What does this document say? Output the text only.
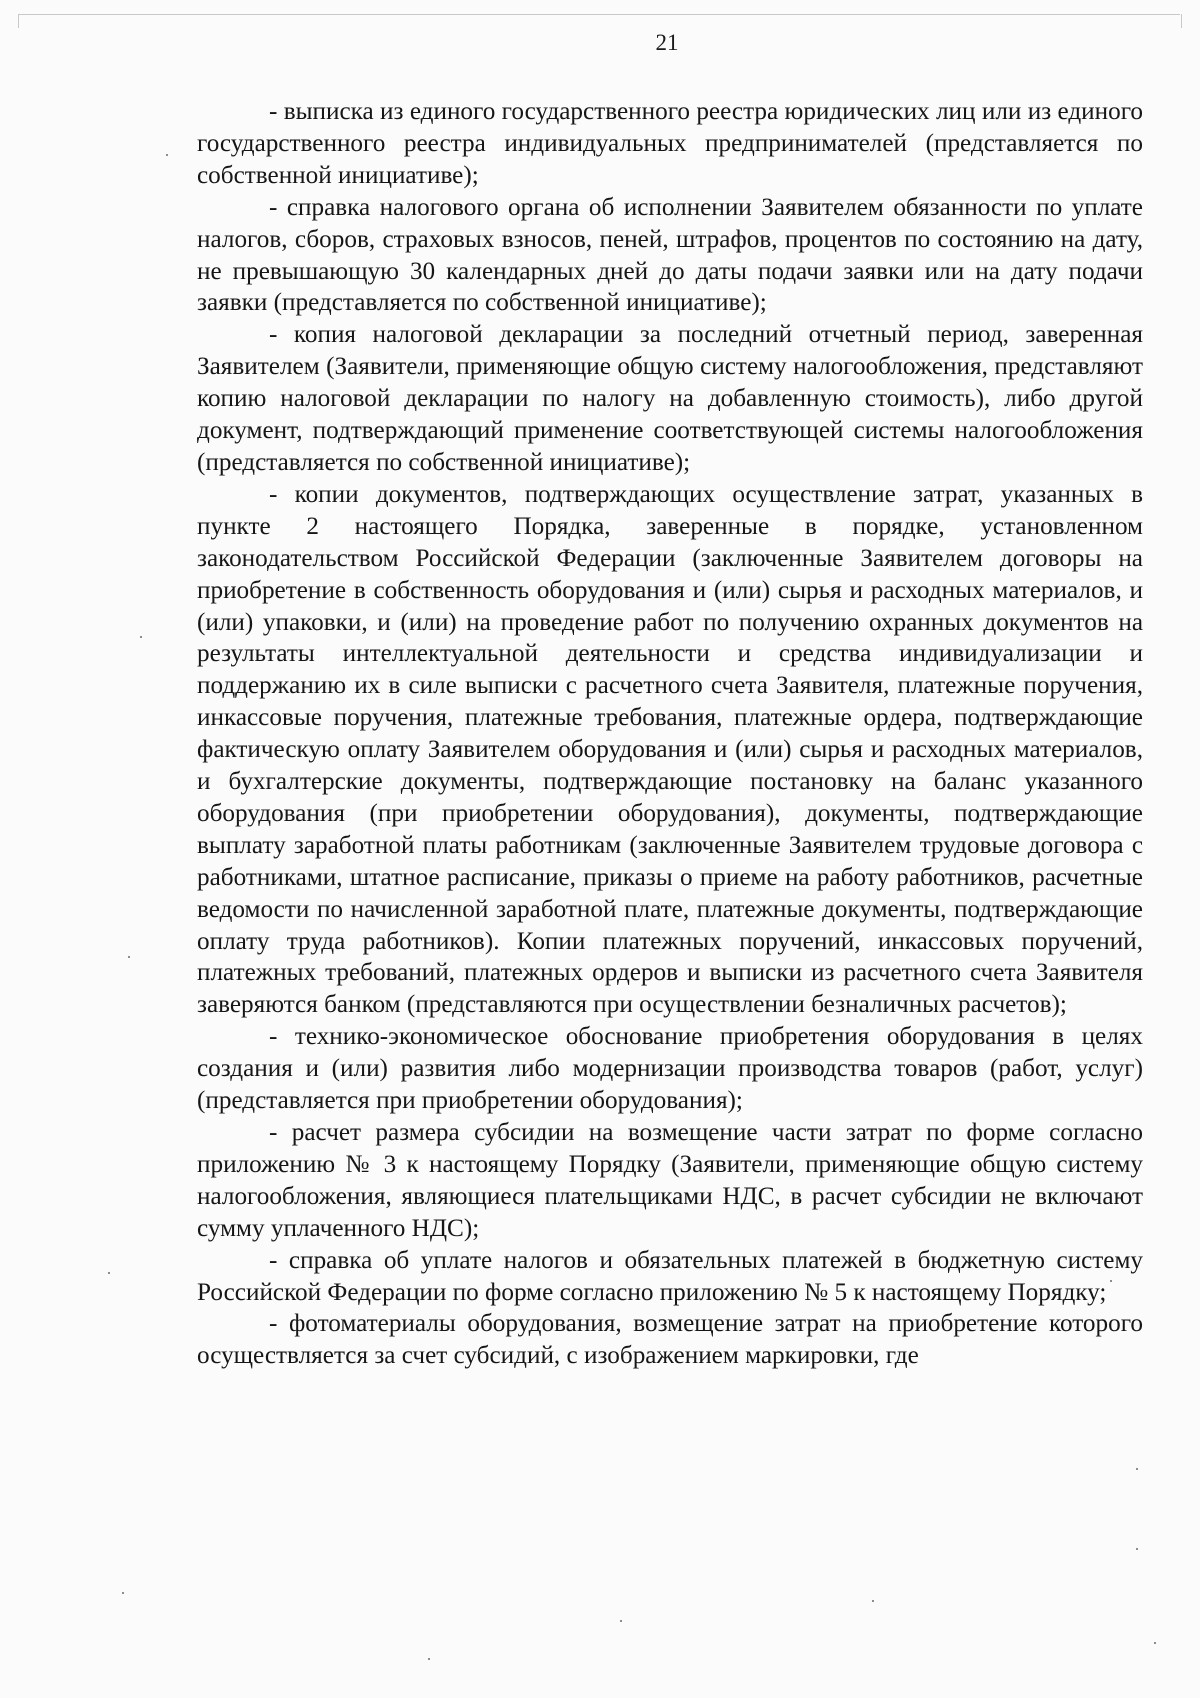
21

- выписка из единого государственного реестра юридических лиц или из единого государственного реестра индивидуальных предпринимателей (представляется по собственной инициативе);

- справка налогового органа об исполнении Заявителем обязанности по уплате налогов, сборов, страховых взносов, пеней, штрафов, процентов по состоянию на дату, не превышающую 30 календарных дней до даты подачи заявки или на дату подачи заявки (представляется по собственной инициативе);

- копия налоговой декларации за последний отчетный период, заверенная Заявителем (Заявители, применяющие общую систему налогообложения, представляют копию налоговой декларации по налогу на добавленную стоимость), либо другой документ, подтверждающий применение соответствующей системы налогообложения (представляется по собственной инициативе);

- копии документов, подтверждающих осуществление затрат, указанных в пункте 2 настоящего Порядка, заверенные в порядке, установленном законодательством Российской Федерации (заключенные Заявителем договоры на приобретение в собственность оборудования и (или) сырья и расходных материалов, и (или) упаковки, и (или) на проведение работ по получению охранных документов на результаты интеллектуальной деятельности и средства индивидуализации и поддержанию их в силе выписки с расчетного счета Заявителя, платежные поручения, инкассовые поручения, платежные требования, платежные ордера, подтверждающие фактическую оплату Заявителем оборудования и (или) сырья и расходных материалов, и бухгалтерские документы, подтверждающие постановку на баланс указанного оборудования (при приобретении оборудования), документы, подтверждающие выплату заработной платы работникам (заключенные Заявителем трудовые договора с работниками, штатное расписание, приказы о приеме на работу работников, расчетные ведомости по начисленной заработной плате, платежные документы, подтверждающие оплату труда работников). Копии платежных поручений, инкассовых поручений, платежных требований, платежных ордеров и выписки из расчетного счета Заявителя заверяются банком (представляются при осуществлении безналичных расчетов);

- технико-экономическое обоснование приобретения оборудования в целях создания и (или) развития либо модернизации производства товаров (работ, услуг) (представляется при приобретении оборудования);

- расчет размера субсидии на возмещение части затрат по форме согласно приложению № 3 к настоящему Порядку (Заявители, применяющие общую систему налогообложения, являющиеся плательщиками НДС, в расчет субсидии не включают сумму уплаченного НДС);

- справка об уплате налогов и обязательных платежей в бюджетную систему Российской Федерации по форме согласно приложению № 5 к настоящему Порядку;

- фотоматериалы оборудования, возмещение затрат на приобретение которого осуществляется за счет субсидий, с изображением маркировки, где
